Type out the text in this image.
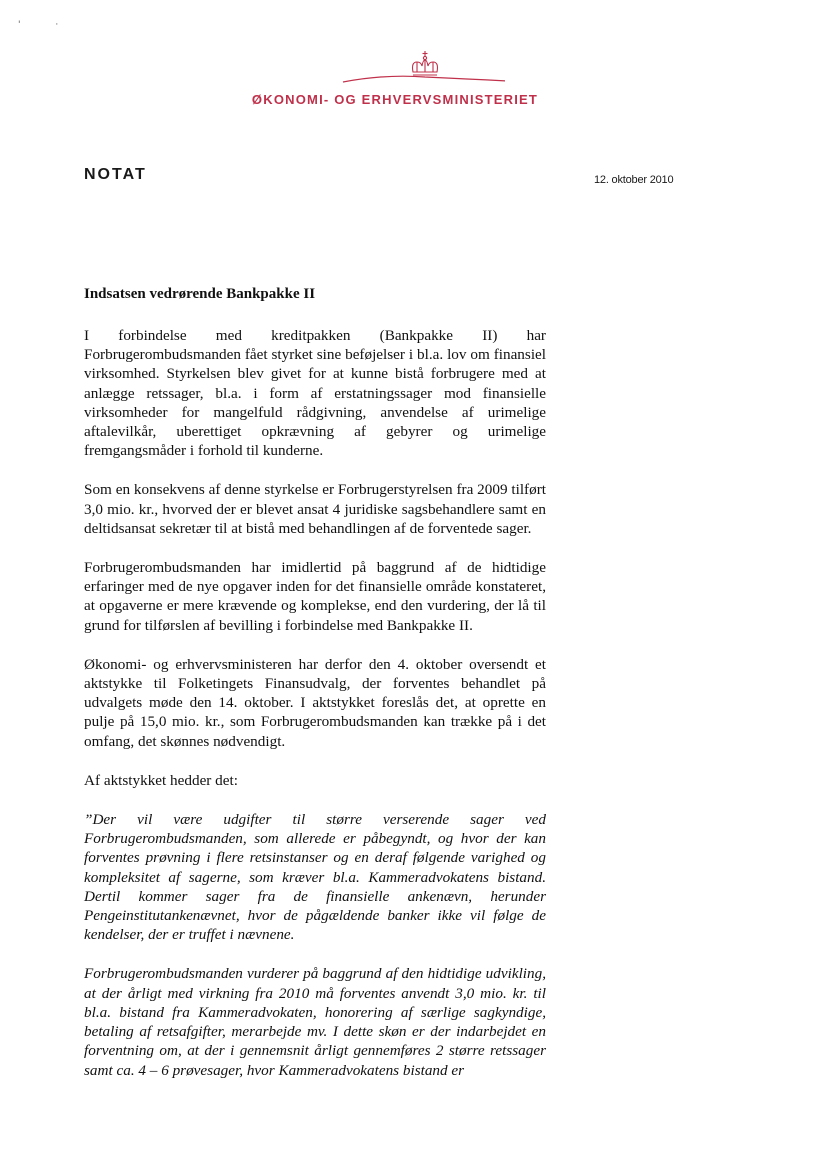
' ·
ØKONOMI- OG ERHVERVSMINISTERIET
NOTAT	12. oktober 2010
Indsatsen vedrørende Bankpakke II

I forbindelse med kreditpakken (Bankpakke II) har Forbrugerombudsmanden fået styrket sine beføjelser i bl.a. lov om finansiel virksomhed. Styrkelsen blev givet for at kunne bistå forbrugere med at anlægge retssager, bl.a. i form af erstatningssager mod finansielle virksomheder for mangelfuld rådgivning, anvendelse af urimelige aftalevilkår, uberettiget opkrævning af gebyrer og urimelige fremgangsmåder i forhold til kunderne.

Som en konsekvens af denne styrkelse er Forbrugerstyrelsen fra 2009 tilført 3,0 mio. kr., hvorved der er blevet ansat 4 juridiske sagsbehandlere samt en deltidsansat sekretær til at bistå med behandlingen af de forventede sager.

Forbrugerombudsmanden har imidlertid på baggrund af de hidtidige erfaringer med de nye opgaver inden for det finansielle område konstateret, at opgaverne er mere krævende og komplekse, end den vurdering, der lå til grund for tilførslen af bevilling i forbindelse med Bankpakke II.

Økonomi- og erhvervsministeren har derfor den 4. oktober oversendt et aktstykke til Folketingets Finansudvalg, der forventes behandlet på udvalgets møde den 14. oktober. I aktstykket foreslås det, at oprette en pulje på 15,0 mio. kr., som Forbrugerombudsmanden kan trække på i det omfang, det skønnes nødvendigt.

Af aktstykket hedder det:

”Der vil være udgifter til større verserende sager ved Forbrugerombudsmanden, som allerede er påbegyndt, og hvor der kan forventes prøvning i flere retsinstanser og en deraf følgende varighed og kompleksitet af sagerne, som kræver bl.a. Kammeradvokatens bistand. Dertil kommer sager fra de finansielle ankenævn, herunder Pengeinstitutankenævnet, hvor de pågældende banker ikke vil følge de kendelser, der er truffet i nævnene.

Forbrugerombudsmanden vurderer på baggrund af den hidtidige udvikling, at der årligt med virkning fra 2010 må forventes anvendt 3,0 mio. kr. til bl.a. bistand fra Kammeradvokaten, honorering af særlige sagkyndige, betaling af retsafgifter, merarbejde mv. I dette skøn er der indarbejdet en forventning om, at der i gennemsnit årligt gennemføres 2 større retssager samt ca. 4 – 6 prøvesager, hvor Kammeradvokatens bistand er
